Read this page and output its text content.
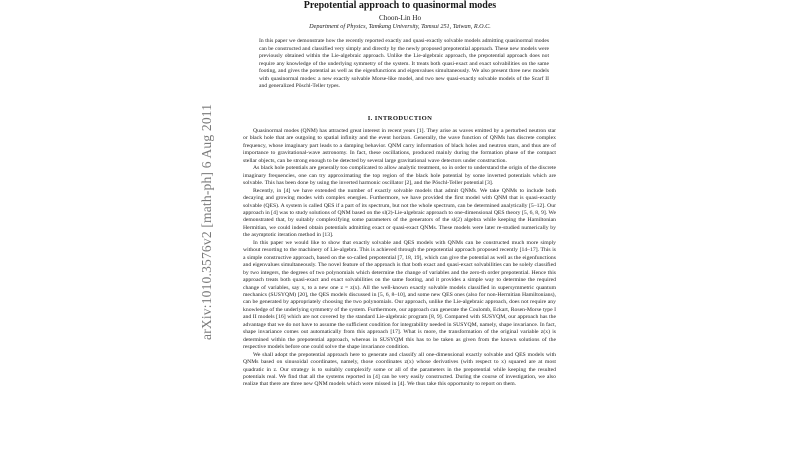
Prepotential approach to quasinormal modes
Choon-Lin Ho
Department of Physics, Tamkang University, Tamsui 251, Taiwan, R.O.C.
In this paper we demonstrate how the recently reported exactly and quasi-exactly solvable models admitting quasinormal modes can be constructed and classified very simply and directly by the newly proposed prepotential approach. These new models were previously obtained within the Lie-algebraic approach. Unlike the Lie-algebraic approach, the prepotential approach does not require any knowledge of the underlying symmetry of the system. It treats both quasi-exact and exact solvabilities on the same footing, and gives the potential as well as the eigenfunctions and eigenvalues simultaneously. We also present three new models with quasinormal modes: a new exactly solvable Morse-like model, and two new quasi-exactly solvable models of the Scarf II and generalized Pöschl-Teller types.
arXiv:1010.3576v2 [math-ph] 6 Aug 2011	I. INTRODUCTION

Quasinormal modes (QNM) has attracted great interest in recent years [1]. They arise as waves emitted by a perturbed neutron star or black hole that are outgoing to spatial infinity and the event horizon. Generally, the wave function of QNMs has discrete complex frequency, whose imaginary part leads to a damping behavior. QNM carry information of black holes and neutron stars, and thus are of importance to gravitational-wave astronomy. In fact, these oscillations, produced mainly during the formation phase of the compact stellar objects, can be strong enough to be detected by several large gravitational wave detectors under construction.

As black hole potentials are generally too complicated to allow analytic treatment, so in order to understand the origin of the discrete imaginary frequencies, one can try approximating the top region of the black hole potential by some inverted potentials which are solvable. This has been done by using the inverted harmonic oscillator [2], and the Pöschl-Teller potential [3].

Recently, in [4] we have extended the number of exactly solvable models that admit QNMs. We take QNMs to include both decaying and growing modes with complex energies. Furthermore, we have provided the first model with QNM that is quasi-exactly solvable (QES). A system is called QES if a part of its spectrum, but not the whole spectrum, can be determined analytically [5–12]. Our approach in [4] was to study solutions of QNM based on the sl(2)-Lie-algebraic approach to one-dimensional QES theory [5, 6, 8, 9]. We demonstrated that, by suitably complexifying some parameters of the generators of the sl(2) algebra while keeping the Hamiltonian Hermitian, we could indeed obtain potentials admitting exact or quasi-exact QNMs. These models were later re-studied numerically by the asymptotic iteration method in [13].

In this paper we would like to show that exactly solvable and QES models with QNMs can be constructed much more simply without resorting to the machinery of Lie-algebra. This is achieved through the prepotential approach proposed recently [14–17]. This is a simple constructive approach, based on the so-called prepotential [7, 18, 19], which can give the potential as well as the eigenfunctions and eigenvalues simultaneously. The novel feature of the approach is that both exact and quasi-exact solvabilities can be solely classified by two integers, the degrees of two polynomials which determine the change of variables and the zero-th order prepotential. Hence this approach treats both quasi-exact and exact solvabilities on the same footing, and it provides a simple way to determine the required change of variables, say x, to a new one z = z(x). All the well-known exactly solvable models classified in supersymmetric quantum mechanics (SUSYQM) [20], the QES models discussed in [5, 6, 8–10], and some new QES ones (also for non-Hermitian Hamiltonians), can be generated by appropriately choosing the two polynomials. Our approach, unlike the Lie-algebraic approach, does not require any knowledge of the underlying symmetry of the system. Furthermore, our approach can generate the Coulomb, Eckart, Rosen-Morse type I and II models [16] which are not covered by the standard Lie-algebraic program [8, 9]. Compared with SUSYQM, our approach has the advantage that we do not have to assume the sufficient condition for integrability needed in SUSYQM, namely, shape invariance. In fact, shape invariance comes out automatically from this approach [17]. What is more, the transformation of the original variable z(x) is determined within the prepotential approach, whereas in SUSYQM this has to be taken as given from the known solutions of the respective models before one could solve the shape invariance condition.

We shall adopt the prepotential approach here to generate and classify all one-dimensional exactly solvable and QES models with QNMs based on sinusoidal coordinates, namely, those coordinates z(x) whose derivatives (with respect to x) squared are at most quadratic in z. Our strategy is to suitably complexify some or all of the parameters in the prepotential while keeping the resulted potentials real. We find that all the systems reported in [4] can be very easily constructed. During the course of investigation, we also realize that there are three new QNM models which were missed in [4]. We thus take this opportunity to report on them.
